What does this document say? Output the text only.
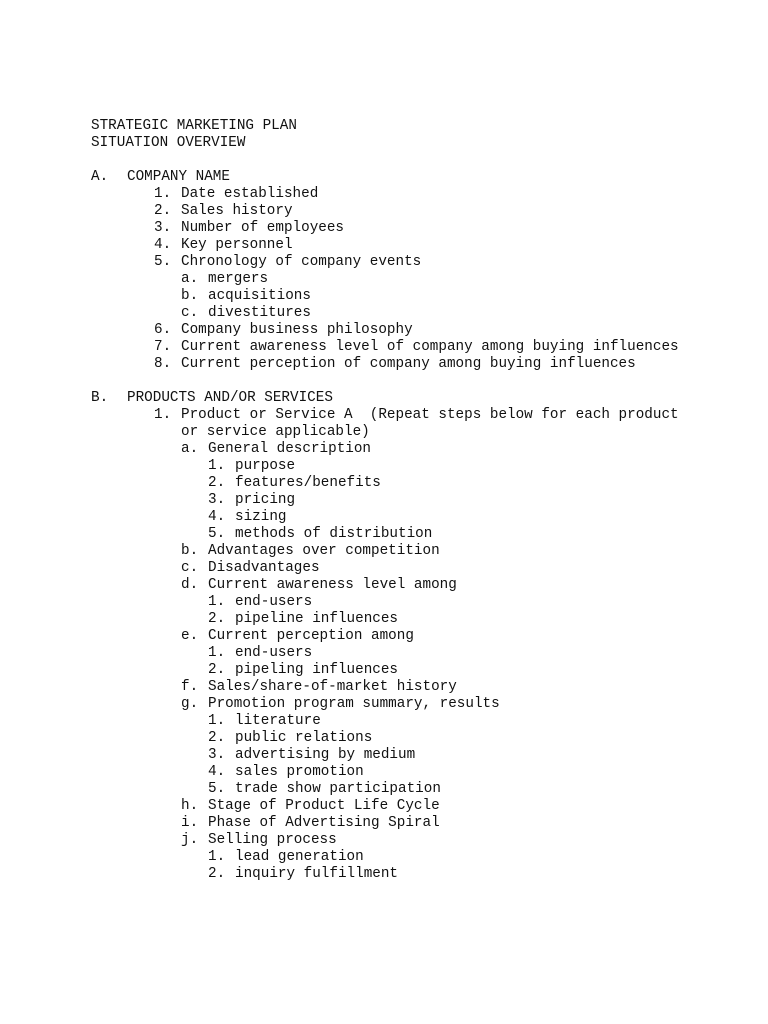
STRATEGIC MARKETING PLAN
SITUATION OVERVIEW
A. COMPANY NAME
1. Date established
2. Sales history
3. Number of employees
4. Key personnel
5. Chronology of company events
a. mergers
b. acquisitions
c. divestitures
6. Company business philosophy
7. Current awareness level of company among buying influences
8. Current perception of company among buying influences
B. PRODUCTS AND/OR SERVICES
1. Product or Service A  (Repeat steps below for each product
or service applicable)
a. General description
1. purpose
2. features/benefits
3. pricing
4. sizing
5. methods of distribution
b. Advantages over competition
c. Disadvantages
d. Current awareness level among
1. end-users
2. pipeline influences
e. Current perception among
1. end-users
2. pipeling influences
f. Sales/share-of-market history
g. Promotion program summary, results
1. literature
2. public relations
3. advertising by medium
4. sales promotion
5. trade show participation
h. Stage of Product Life Cycle
i. Phase of Advertising Spiral
j. Selling process
1. lead generation
2. inquiry fulfillment
